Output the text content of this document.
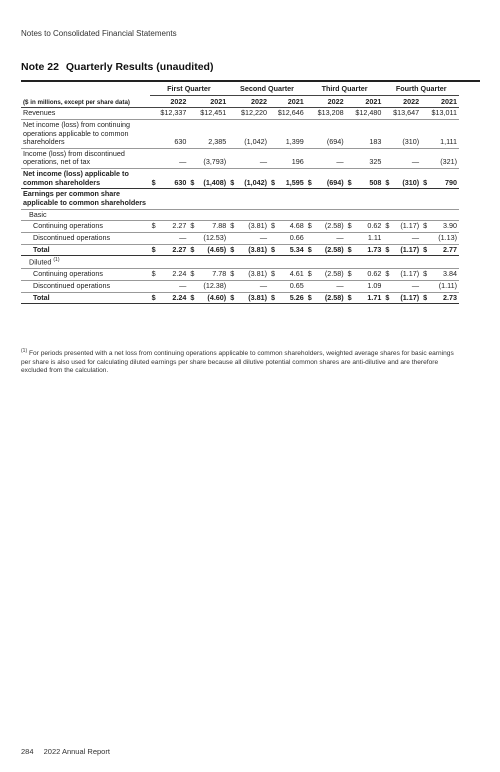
Notes to Consolidated Financial Statements
Note 22 Quarterly Results (unaudited)
	First Quarter				Second Quarter				Third Quarter				Fourth Quarter			
($ in millions, except per share data)	2022		2021		2022		2021		2022		2021		2022		2021	
Revenues	$12,337		$12,451		$12,220		$12,646		$13,208		$12,480		$13,647		$13,011	
Net income (loss) from continuing operations applicable to common shareholders	630		2,385		(1,042)		1,399		(694)		183		(310)		1,111	
Income (loss) from discontinued operations, net of tax	—		(3,793)		—		196		—		325		—		(321)	
Net income (loss) applicable to common shareholders	$	630	$	(1,408)	$	(1,042)	$	1,595	$	(694)	$	508	$	(310)	$	790
Earnings per common share applicable to common shareholders																
Basic																
Continuing operations	$	2.27	$	7.88	$	(3.81)	$	4.68	$	(2.58)	$	0.62	$	(1.17)	$	3.90
Discontinued operations		—		(12.53)		—		0.66		—		1.11		—		(1.13)
Total	$	2.27	$	(4.65)	$	(3.81)	$	5.34	$	(2.58)	$	1.73	$	(1.17)	$	2.77
Diluted $^{(1)}$	
Continuing operations	$	2.24	$	7.78	$	(3.81)	$	4.61	$	(2.58)	$	0.62	$	(1.17)	$	3.84
Discontinued operations		—		(12.38)		—		0.65		—		1.09		—		(1.11)
Total	$	2.24	$	(4.60)	$	(3.81)	$	5.26	$	(2.58)	$	1.71	$	(1.17)	$	2.73
$^{(1)}$ For periods presented with a net loss from continuing operations applicable to common shareholders, weighted average shares for basic earnings per share is also used for calculating diluted earnings per share because all dilutive potential common shares are anti-dilutive and are therefore excluded from the calculation.
284 2022 Annual Report
